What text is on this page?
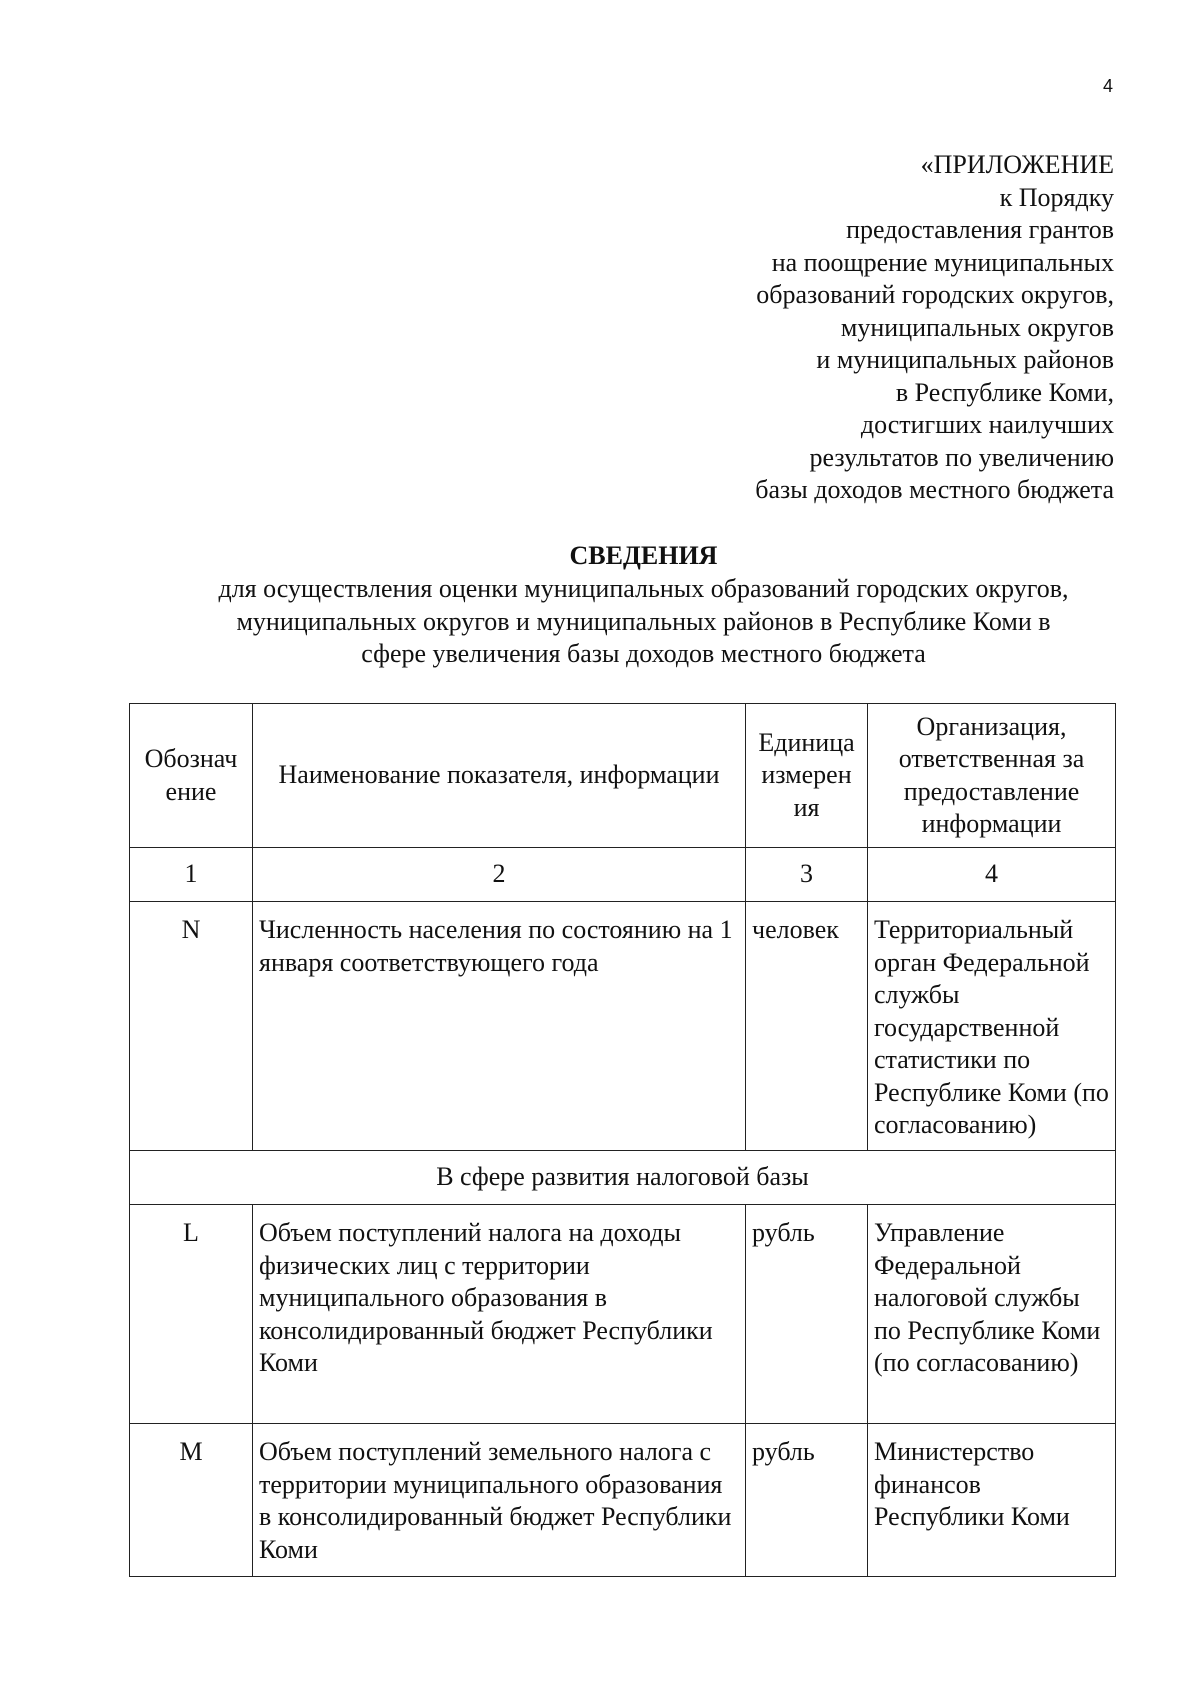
4
«ПРИЛОЖЕНИЕ
к Порядку
предоставления грантов
на поощрение муниципальных
образований городских округов,
муниципальных округов
и муниципальных районов
в Республике Коми,
достигших наилучших
результатов по увеличению
базы доходов местного бюджета
СВЕДЕНИЯ
для осуществления оценки муниципальных образований городских округов,
муниципальных округов и муниципальных районов в Республике Коми в
сфере увеличения базы доходов местного бюджета
Обознач ение	Наименование показателя, информации	Единица измерен ия	Организация, ответственная за предоставление информации
1	2	3	4
N	Численность населения по состоянию на 1 января соответствующего года	человек	Территориальный орган Федеральной службы государственной статистики по Республике Коми (по согласованию)
В сфере развития налоговой базы			
L	Объем поступлений налога на доходы физических лиц с территории муниципального образования в консолидированный бюджет Республики Коми	рубль	Управление Федеральной налоговой службы по Республике Коми (по согласованию)
M	Объем поступлений земельного налога с территории муниципального образования в консолидированный бюджет Республики Коми	рубль	Министерство финансов Республики Коми
